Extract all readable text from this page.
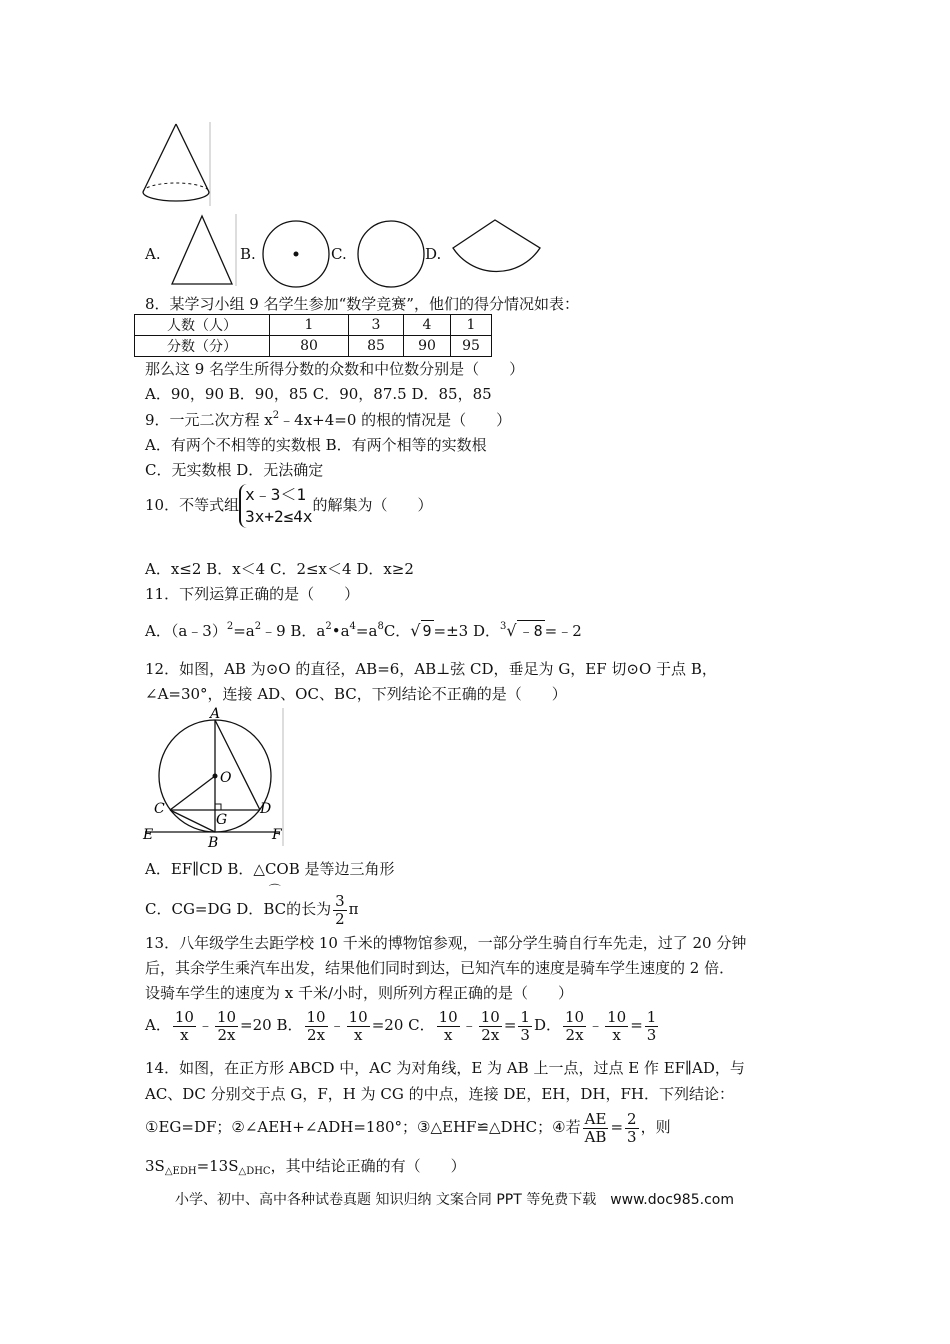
A.	B.	C.	D.
8．某学习小组 9 名学生参加“数学竞赛”，他们的得分情况如表：
人数（人）	1	3	4	1
分数（分）	80	85	90	95
那么这 9 名学生所得分数的众数和中位数分别是（　　）
A．90，90 B．90，85 C．90，87.5 D．85，85
9．一元二次方程 $x^2﹣4x+4=0$ 的根的情况是（　　）
A．有两个不相等的实数根 B．有两个相等的实数根
C．无实数根 D．无法确定
10．不等式组
x﹣3＜1
3x+2≤4x
的解集为（　　）
A．x≤2 B．x＜4 C．2≤x＜4 D．x≥2
11．下列运算正确的是（　　）
A．$(a﹣3)^2=a^2﹣9$ B．$a^2•a^4=a^8C$．√ 9 =±3 D．$^3$√ ﹣8 =﹣2
12．如图，AB 为⊙O 的直径，AB=6，AB⊥弦 CD，垂足为 G，EF 切⊙O 于点 B，
∠A=30°，连接 AD、OC、BC，下列结论不正确的是（　　）
A
O
C	D
G
E	F
B
A．EF∥CD B．△COB 是等边三角形
C．CG=DG D．
⌒
BC的长为 $\frac{3}{2}$ π
13．八年级学生去距学校 10 千米的博物馆参观，一部分学生骑自行车先走，过了 20 分钟
后，其余学生乘汽车出发，结果他们同时到达，已知汽车的速度是骑车学生速度的 2 倍．
设骑车学生的速度为 x 千米/小时，则所列方程正确的是（　　）
A． $\frac{10}{x}$ ﹣ $\frac{10}{2x} =20$ B． $\frac{10}{2x}$ ﹣ $\frac{10}{x} =20$ C． $\frac{10}{x}$ ﹣ $\frac{10}{2x} = \frac{1}{3}$ D． $\frac{10}{2x}$ ﹣ $\frac{10}{x} = \frac{1}{3}$
14．如图，在正方形 ABCD 中，AC 为对角线，E 为 AB 上一点，过点 E 作 EF∥AD，与
AC、DC 分别交于点 G，F，H 为 CG 的中点，连接 DE，EH，DH，FH．下列结论：
①EG=DF；②∠AEH+∠ADH=180°；③△EHF≌△DHC；④若 $\frac{AE}{AB} = \frac{2}{3}$ ，则
$3S_{\triangle EDH}=13S_{\triangle DHC}$，其中结论正确的有（　　）
小学、初中、高中各种试卷真题 知识归纳 文案合同 PPT 等免费下载　www.doc985.com
